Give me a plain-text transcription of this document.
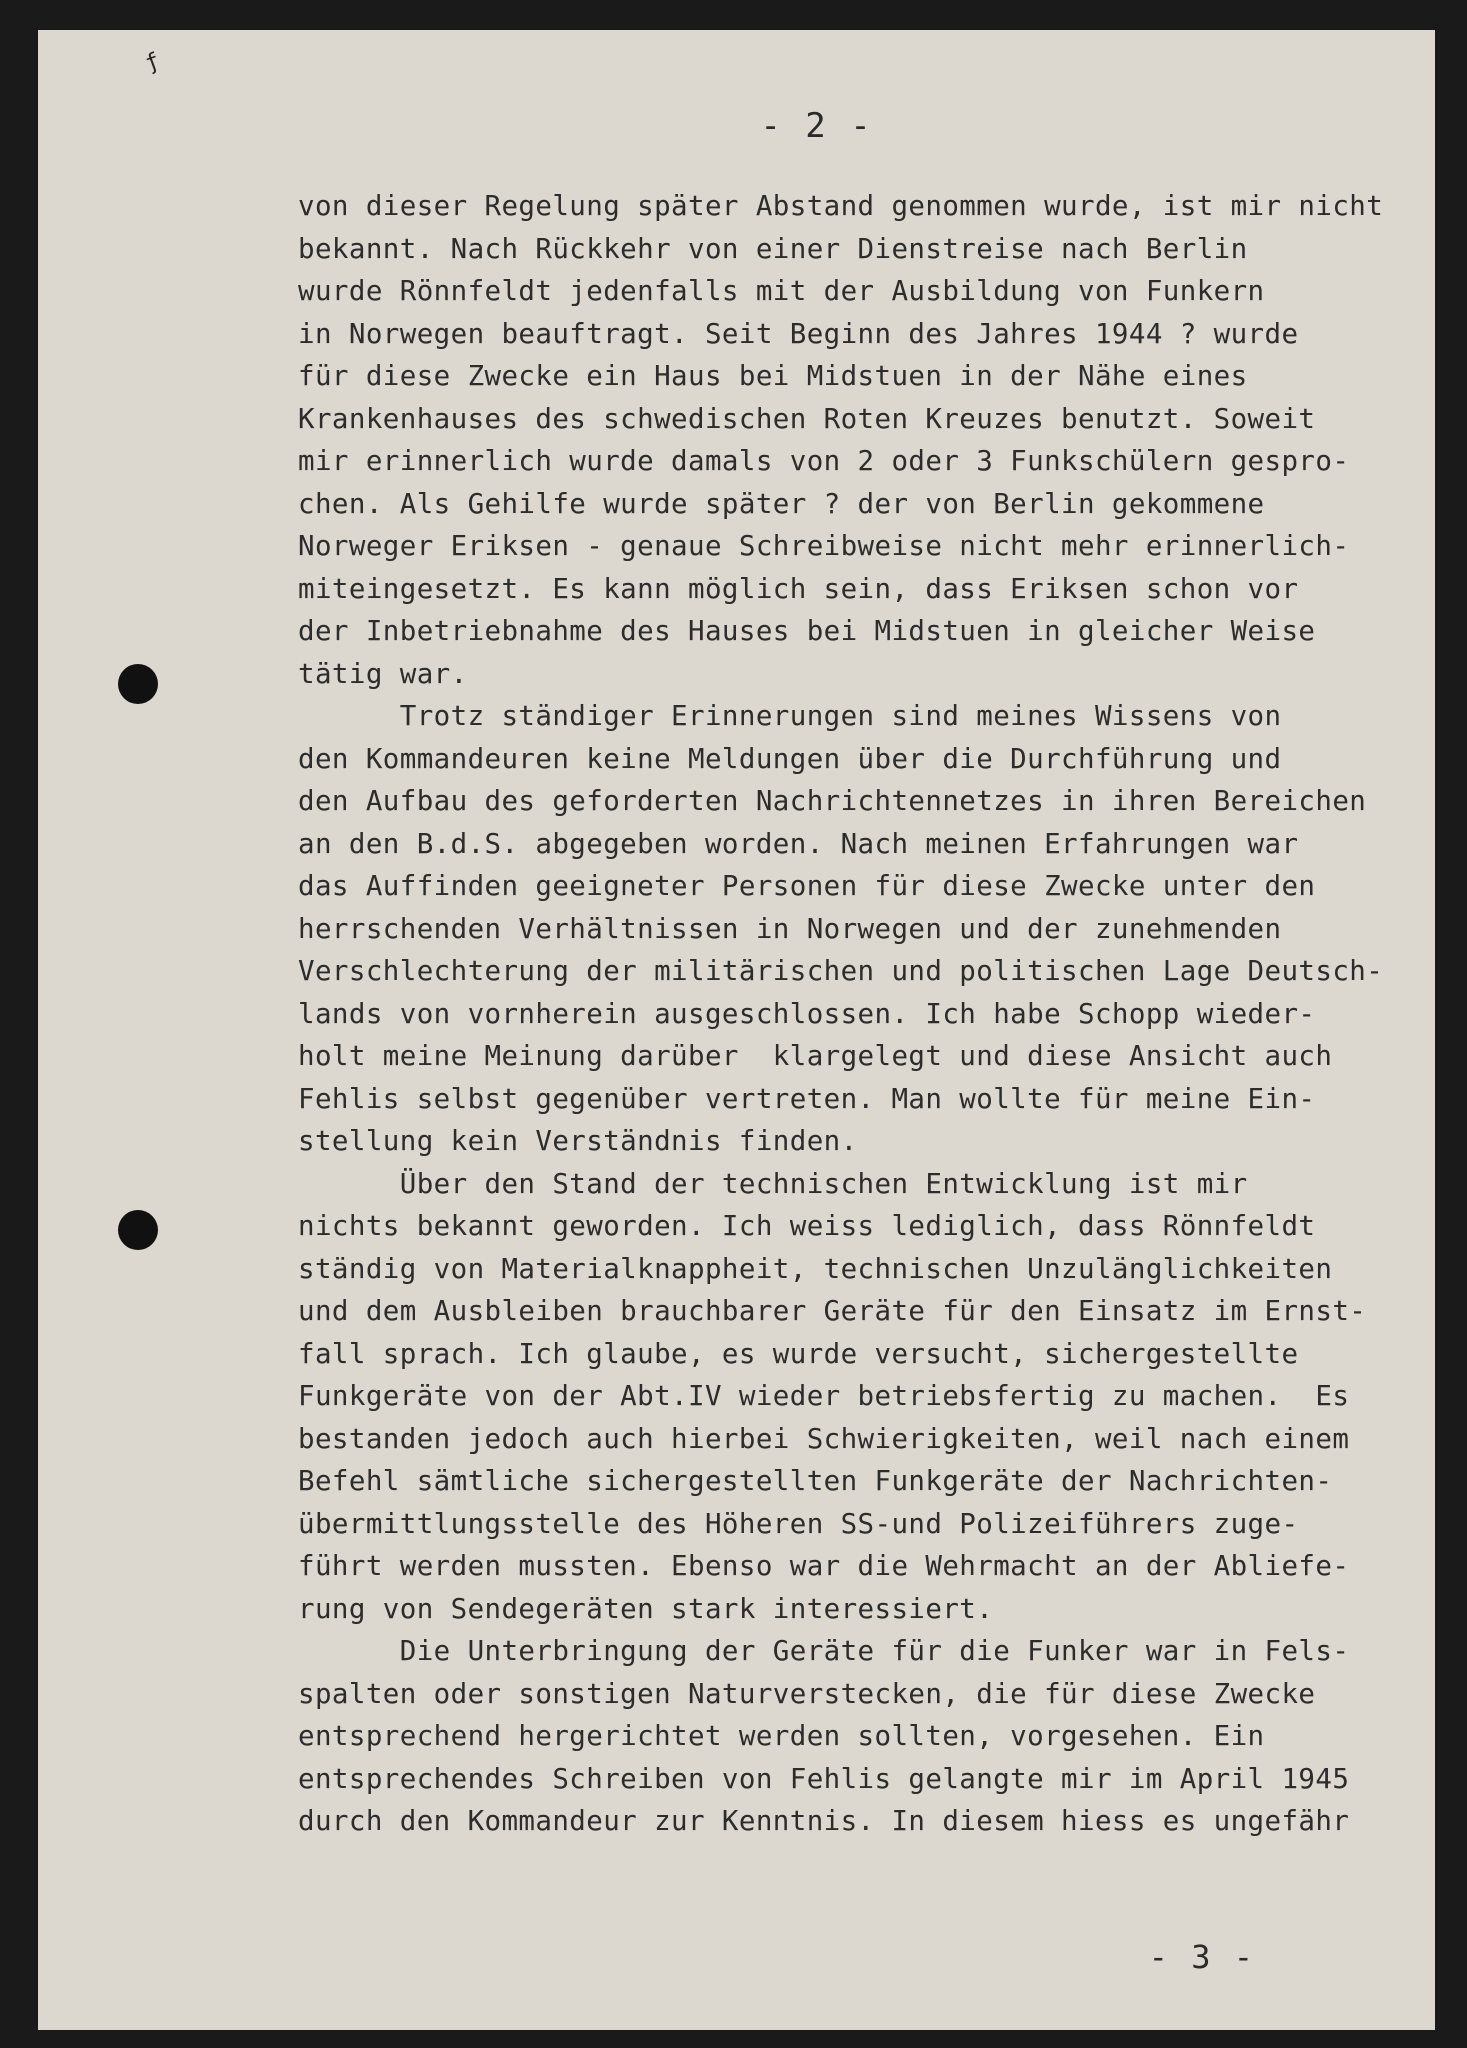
ƒ
- 2 -
von dieser Regelung später Abstand genommen wurde, ist mir nicht
bekannt. Nach Rückkehr von einer Dienstreise nach Berlin
wurde Rönnfeldt jedenfalls mit der Ausbildung von Funkern
in Norwegen beauftragt. Seit Beginn des Jahres 1944 ? wurde
für diese Zwecke ein Haus bei Midstuen in der Nähe eines
Krankenhauses des schwedischen Roten Kreuzes benutzt. Soweit
mir erinnerlich wurde damals von 2 oder 3 Funkschülern gespro-
chen. Als Gehilfe wurde später ? der von Berlin gekommene
Norweger Eriksen - genaue Schreibweise nicht mehr erinnerlich-
miteingesetzt. Es kann möglich sein, dass Eriksen schon vor
der Inbetriebnahme des Hauses bei Midstuen in gleicher Weise
tätig war.
Trotz ständiger Erinnerungen sind meines Wissens von
den Kommandeuren keine Meldungen über die Durchführung und
den Aufbau des geforderten Nachrichtennetzes in ihren Bereichen
an den B.d.S. abgegeben worden. Nach meinen Erfahrungen war
das Auffinden geeigneter Personen für diese Zwecke unter den
herrschenden Verhältnissen in Norwegen und der zunehmenden
Verschlechterung der militärischen und politischen Lage Deutsch-
lands von vornherein ausgeschlossen. Ich habe Schopp wieder-
holt meine Meinung darüber  klargelegt und diese Ansicht auch
Fehlis selbst gegenüber vertreten. Man wollte für meine Ein-
stellung kein Verständnis finden.
Über den Stand der technischen Entwicklung ist mir
nichts bekannt geworden. Ich weiss lediglich, dass Rönnfeldt
ständig von Materialknappheit, technischen Unzulänglichkeiten
und dem Ausbleiben brauchbarer Geräte für den Einsatz im Ernst-
fall sprach. Ich glaube, es wurde versucht, sichergestellte
Funkgeräte von der Abt.IV wieder betriebsfertig zu machen.  Es
bestanden jedoch auch hierbei Schwierigkeiten, weil nach einem
Befehl sämtliche sichergestellten Funkgeräte der Nachrichten-
übermittlungsstelle des Höheren SS-und Polizeiführers zuge-
führt werden mussten. Ebenso war die Wehrmacht an der Abliefe-
rung von Sendegeräten stark interessiert.
Die Unterbringung der Geräte für die Funker war in Fels-
spalten oder sonstigen Naturverstecken, die für diese Zwecke
entsprechend hergerichtet werden sollten, vorgesehen. Ein
entsprechendes Schreiben von Fehlis gelangte mir im April 1945
durch den Kommandeur zur Kenntnis. In diesem hiess es ungefähr
- 3 -
